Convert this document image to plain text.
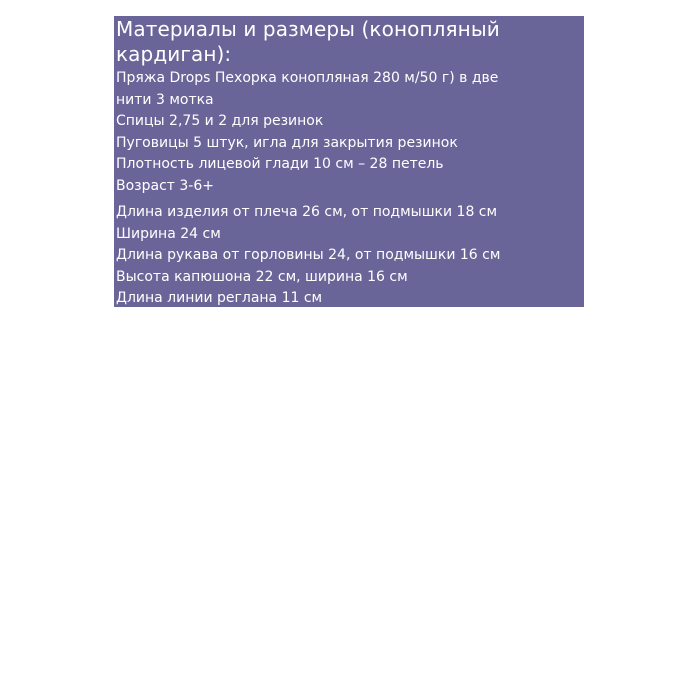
Материалы и размеры (конопляный кардиган):
Пряжа Drops Пехорка конопляная 280 м/50 г) в две
нити 3 мотка
Спицы 2,75 и 2 для резинок
Пуговицы 5 штук, игла для закрытия резинок
Плотность лицевой глади 10 см – 28 петель
Возраст 3-6+
Длина изделия от плеча 26 см, от подмышки 18 см
Ширина 24 см
Длина рукава от горловины 24, от подмышки 16 см
Высота капюшона 22 см, ширина 16 см
Длина линии реглана 11 см
